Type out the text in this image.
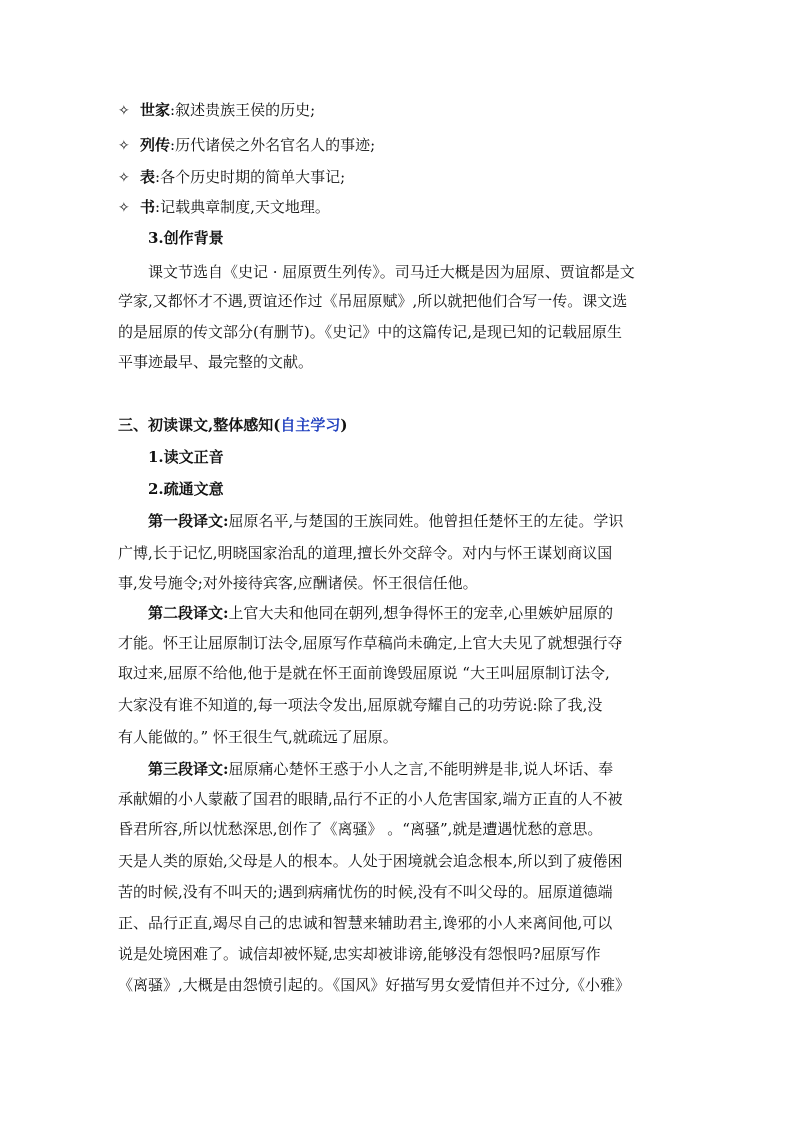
✧ 世家:叙述贵族王侯的历史;
✧ 列传:历代诸侯之外名官名人的事迹;
✧ 表:各个历史时期的简单大事记;
✧ 书:记载典章制度,天文地理。
3.创作背景
课文节选自《史记 · 屈原贾生列传》。司马迁大概是因为屈原、贾谊都是文
学家,又都怀才不遇,贾谊还作过《吊屈原赋》,所以就把他们合写一传。课文选
的是屈原的传文部分(有删节)。《史记》中的这篇传记,是现已知的记载屈原生
平事迹最早、最完整的文献。
三、初读课文,整体感知(自主学习)
1.读文正音
2.疏通文意
第一段译文:屈原名平,与楚国的王族同姓。他曾担任楚怀王的左徒。学识
广博,长于记忆,明晓国家治乱的道理,擅长外交辞令。对内与怀王谋划商议国
事,发号施令;对外接待宾客,应酬诸侯。怀王很信任他。
第二段译文:上官大夫和他同在朝列,想争得怀王的宠幸,心里嫉妒屈原的
才能。怀王让屈原制订法令,屈原写作草稿尚未确定,上官大夫见了就想强行夺
取过来,屈原不给他,他于是就在怀王面前谗毁屈原说 “大王叫屈原制订法令,
大家没有谁不知道的,每一项法令发出,屈原就夸耀自己的功劳说:除了我,没
有人能做的。” 怀王很生气,就疏远了屈原。
第三段译文:屈原痛心楚怀王惑于小人之言,不能明辨是非,说人坏话、奉
承献媚的小人蒙蔽了国君的眼睛,品行不正的小人危害国家,端方正直的人不被
昏君所容,所以忧愁深思,创作了《离骚》 。“离骚”,就是遭遇忧愁的意思。
天是人类的原始,父母是人的根本。人处于困境就会追念根本,所以到了疲倦困
苦的时候,没有不叫天的;遇到病痛忧伤的时候,没有不叫父母的。屈原道德端
正、品行正直,竭尽自己的忠诚和智慧来辅助君主,谗邪的小人来离间他,可以
说是处境困难了。诚信却被怀疑,忠实却被诽谤,能够没有怨恨吗?屈原写作
《离骚》,大概是由怨愤引起的。《国风》好描写男女爱情但并不过分,《小雅》
